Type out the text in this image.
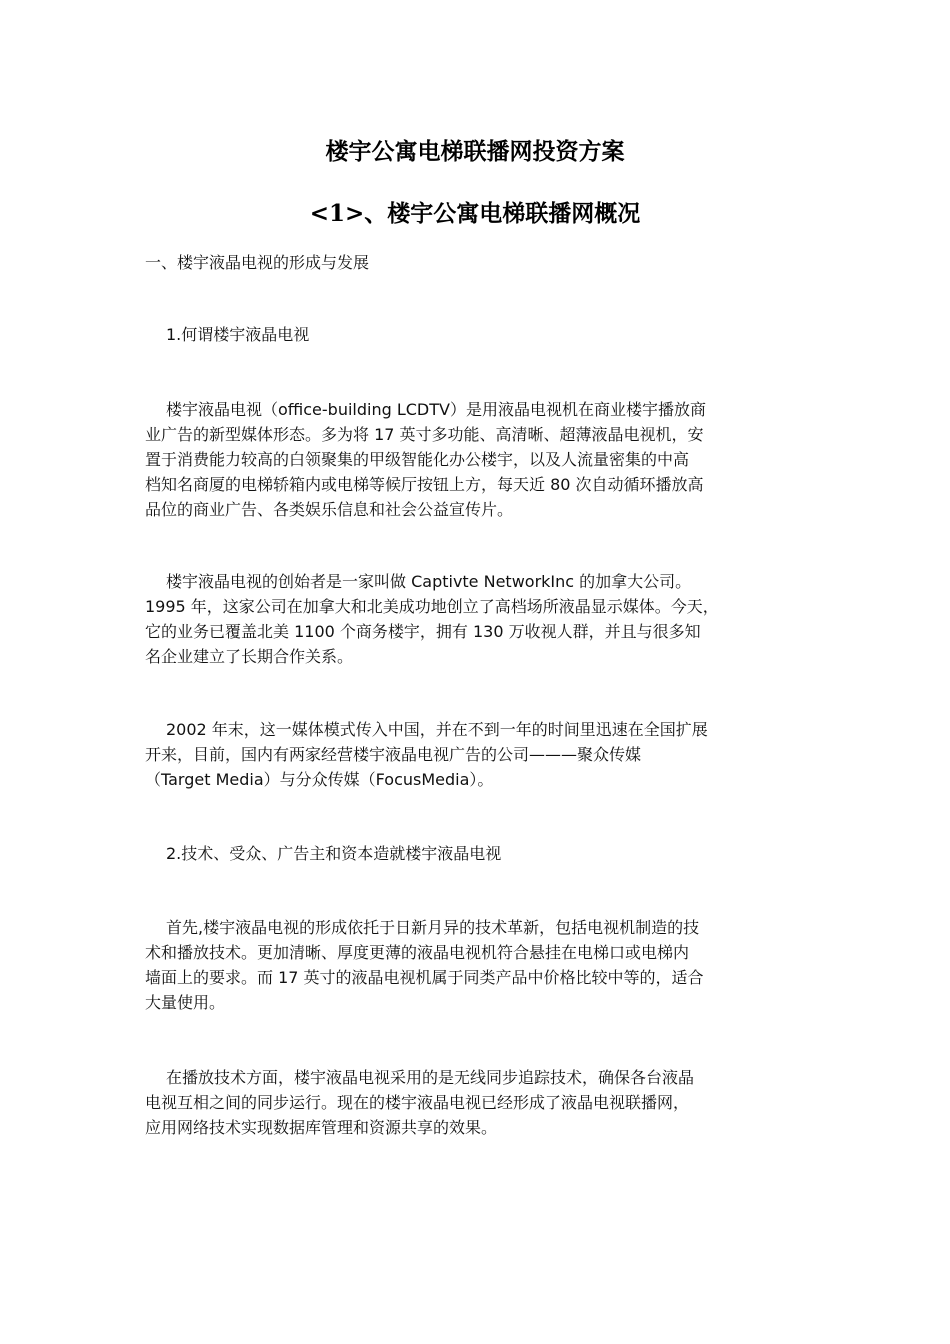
楼宇公寓电梯联播网投资方案
<1>、楼宇公寓电梯联播网概况
一、楼宇液晶电视的形成与发展
1.何谓楼宇液晶电视
楼宇液晶电视（office-building LCDTV）是用液晶电视机在商业楼宇播放商
业广告的新型媒体形态。多为将 17 英寸多功能、高清晰、超薄液晶电视机，安
置于消费能力较高的白领聚集的甲级智能化办公楼宇，以及人流量密集的中高
档知名商厦的电梯轿箱内或电梯等候厅按钮上方，每天近 80 次自动循环播放高
品位的商业广告、各类娱乐信息和社会公益宣传片。
楼宇液晶电视的创始者是一家叫做 Captivte NetworkInc 的加拿大公司。
1995 年，这家公司在加拿大和北美成功地创立了高档场所液晶显示媒体。今天，
它的业务已覆盖北美 1100 个商务楼宇，拥有 130 万收视人群，并且与很多知
名企业建立了长期合作关系。
2002 年末，这一媒体模式传入中国，并在不到一年的时间里迅速在全国扩展
开来，目前，国内有两家经营楼宇液晶电视广告的公司———聚众传媒
（Target Media）与分众传媒（FocusMedia）。
2.技术、受众、广告主和资本造就楼宇液晶电视
首先,楼宇液晶电视的形成依托于日新月异的技术革新，包括电视机制造的技
术和播放技术。更加清晰、厚度更薄的液晶电视机符合悬挂在电梯口或电梯内
墙面上的要求。而 17 英寸的液晶电视机属于同类产品中价格比较中等的，适合
大量使用。
在播放技术方面，楼宇液晶电视采用的是无线同步追踪技术，确保各台液晶
电视互相之间的同步运行。现在的楼宇液晶电视已经形成了液晶电视联播网，
应用网络技术实现数据库管理和资源共享的效果。
